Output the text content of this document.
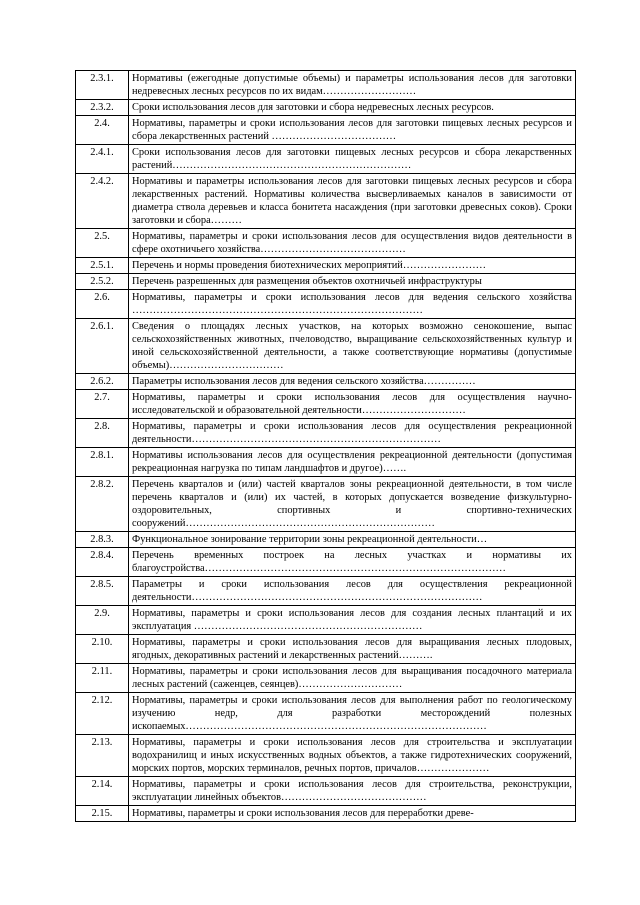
2.3.1.	Нормативы (ежегодные допустимые объемы) и параметры использования лесов для заготовки недревесных лесных ресурсов по их видам………………………
2.3.2.	Сроки использования лесов для заготовки и сбора недревесных лесных ресурсов.
2.4.	Нормативы, параметры и сроки использования лесов для заготовки пищевых лесных ресурсов и сбора лекарственных растений ………………………………
2.4.1.	Сроки использования лесов для заготовки пищевых лесных ресурсов и сбора лекарственных растений……………………………………………………………
2.4.2.	Нормативы и параметры использования лесов для заготовки пищевых лесных ресурсов и сбора лекарственных растений. Нормативы количества высверливаемых каналов в зависимости от диаметра ствола деревьев и класса бонитета насаждения (при заготовки древесных соков). Сроки заготовки и сбора………
2.5.	Нормативы, параметры и сроки использования лесов для осуществления видов деятельности в сфере охотничьего хозяйства……………………………………
2.5.1.	Перечень и нормы проведения биотехнических мероприятий……………………
2.5.2.	Перечень разрешенных для размещения объектов охотничьей инфраструктуры
2.6.	Нормативы, параметры и сроки использования лесов для ведения сельского хозяйства …………………………………………………………………………
2.6.1.	Сведения о площадях лесных участков, на которых возможно сенокошение, выпас сельскохозяйственных животных, пчеловодство, выращивание сельскохозяйственных культур и иной сельскохозяйственной деятельности, а также соответствующие нормативы (допустимые объемы)……………………………
2.6.2.	Параметры использования лесов для ведения сельского хозяйства……………
2.7.	Нормативы, параметры и сроки использования лесов для осуществления научно-исследовательской и образовательной деятельности…………………………
2.8.	Нормативы, параметры и сроки использования лесов для осуществления рекреационной деятельности………………………………………………………………
2.8.1.	Нормативы использования лесов для осуществления рекреационной деятельности (допустимая рекреационная нагрузка по типам ландшафтов и другое)…….
2.8.2.	Перечень кварталов и (или) частей кварталов зоны рекреационной деятельности, в том числе перечень кварталов и (или) их частей, в которых допускается возведение физкультурно-оздоровительных, спортивных и спортивно-технических сооружений………………………………………………………………
2.8.3.	Функциональное зонирование территории зоны рекреационной деятельности…
2.8.4.	Перечень временных построек на лесных участках и нормативы их благоустройства……………………………………………………………………………
2.8.5.	Параметры и сроки использования лесов для осуществления рекреационной деятельности…………………………………………………………………………
2.9.	Нормативы, параметры и сроки использования лесов для создания лесных плантаций и их эксплуатация …………………………………………………………
2.10.	Нормативы, параметры и сроки использования лесов для выращивания лесных плодовых, ягодных, декоративных растений и лекарственных растений……….
2.11.	Нормативы, параметры и сроки использования лесов для выращивания посадочного материала лесных растений (саженцев, сеянцев)…………………………
2.12.	Нормативы, параметры и сроки использования лесов для выполнения работ по геологическому изучению недр, для разработки месторождений полезных ископаемых……………………………………………………………………………
2.13.	Нормативы, параметры и сроки использования лесов для строительства и эксплуатации водохранилищ и иных искусственных водных объектов, а также гидротехнических сооружений, морских портов, морских терминалов, речных портов, причалов…………………
2.14.	Нормативы, параметры и сроки использования лесов для строительства, реконструкции, эксплуатации линейных объектов……………………………………
2.15.	Нормативы, параметры и сроки использования лесов для переработки древе-
